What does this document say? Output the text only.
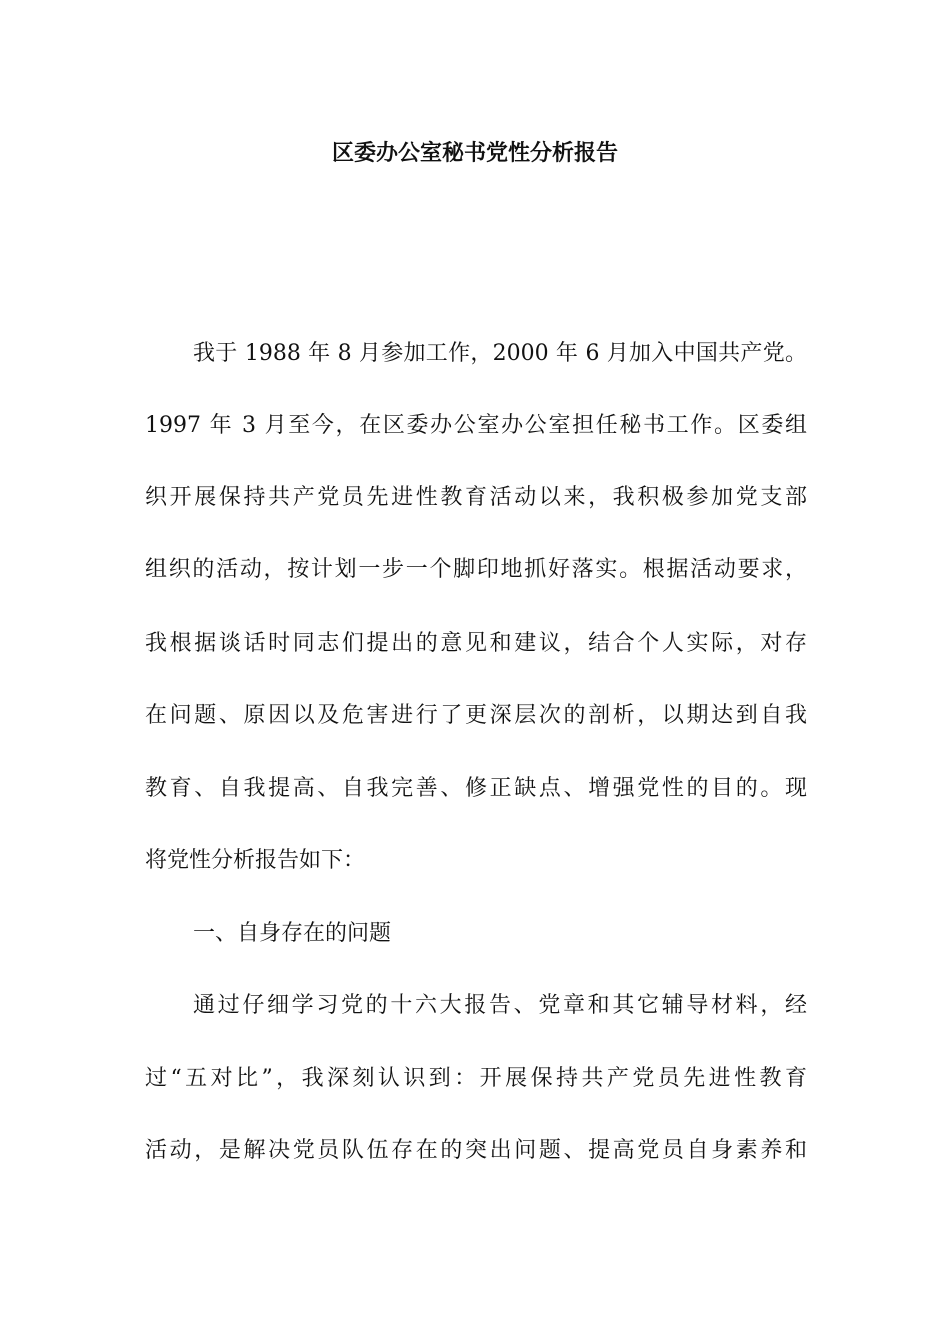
区委办公室秘书党性分析报告
我于 1988 年 8 月参加工作，2000 年 6 月加入中国共产党。
1997 年 3 月至今，在区委办公室办公室担任秘书工作。区委组
织开展保持共产党员先进性教育活动以来，我积极参加党支部
组织的活动，按计划一步一个脚印地抓好落实。根据活动要求，
我根据谈话时同志们提出的意见和建议，结合个人实际，对存
在问题、原因以及危害进行了更深层次的剖析，以期达到自我
教育、自我提高、自我完善、修正缺点、增强党性的目的。现
将党性分析报告如下：
一、自身存在的问题
通过仔细学习党的十六大报告、党章和其它辅导材料，经
过“五对比”，我深刻认识到：开展保持共产党员先进性教育
活动，是解决党员队伍存在的突出问题、提高党员自身素养和
